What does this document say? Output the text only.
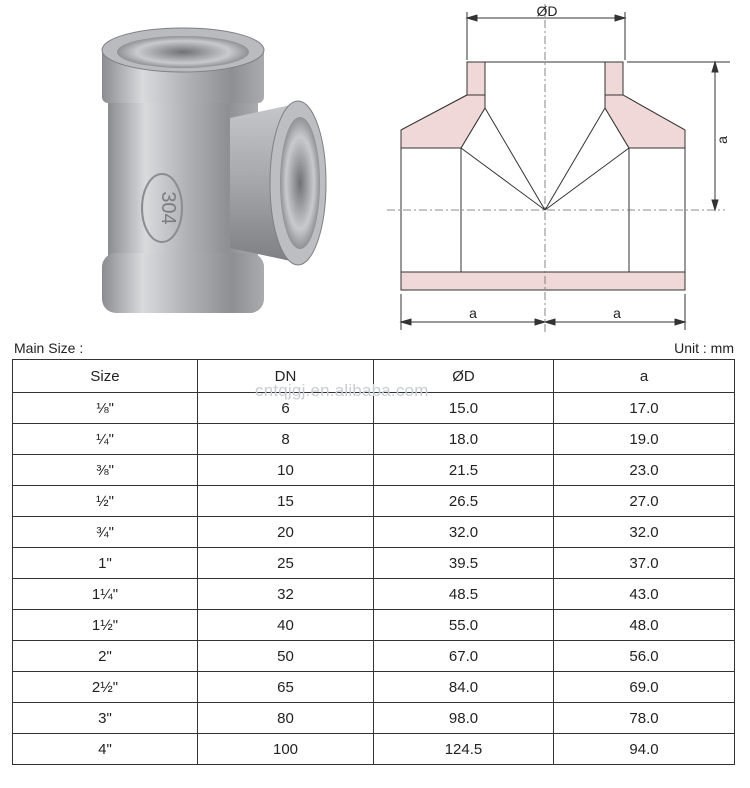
304
ØD
a
a	a
Main Size :	Unit : mm
Size	DN	ØD	a
⅛"	6	15.0	17.0
¼"	8	18.0	19.0
⅜"	10	21.5	23.0
½"	15	26.5	27.0
¾"	20	32.0	32.0
1"	25	39.5	37.0
1¼"	32	48.5	43.0
1½"	40	55.0	48.0
2"	50	67.0	56.0
2½"	65	84.0	69.0
3"	80	98.0	78.0
4"	100	124.5	94.0
cntqjgj.en.alibaba.com
